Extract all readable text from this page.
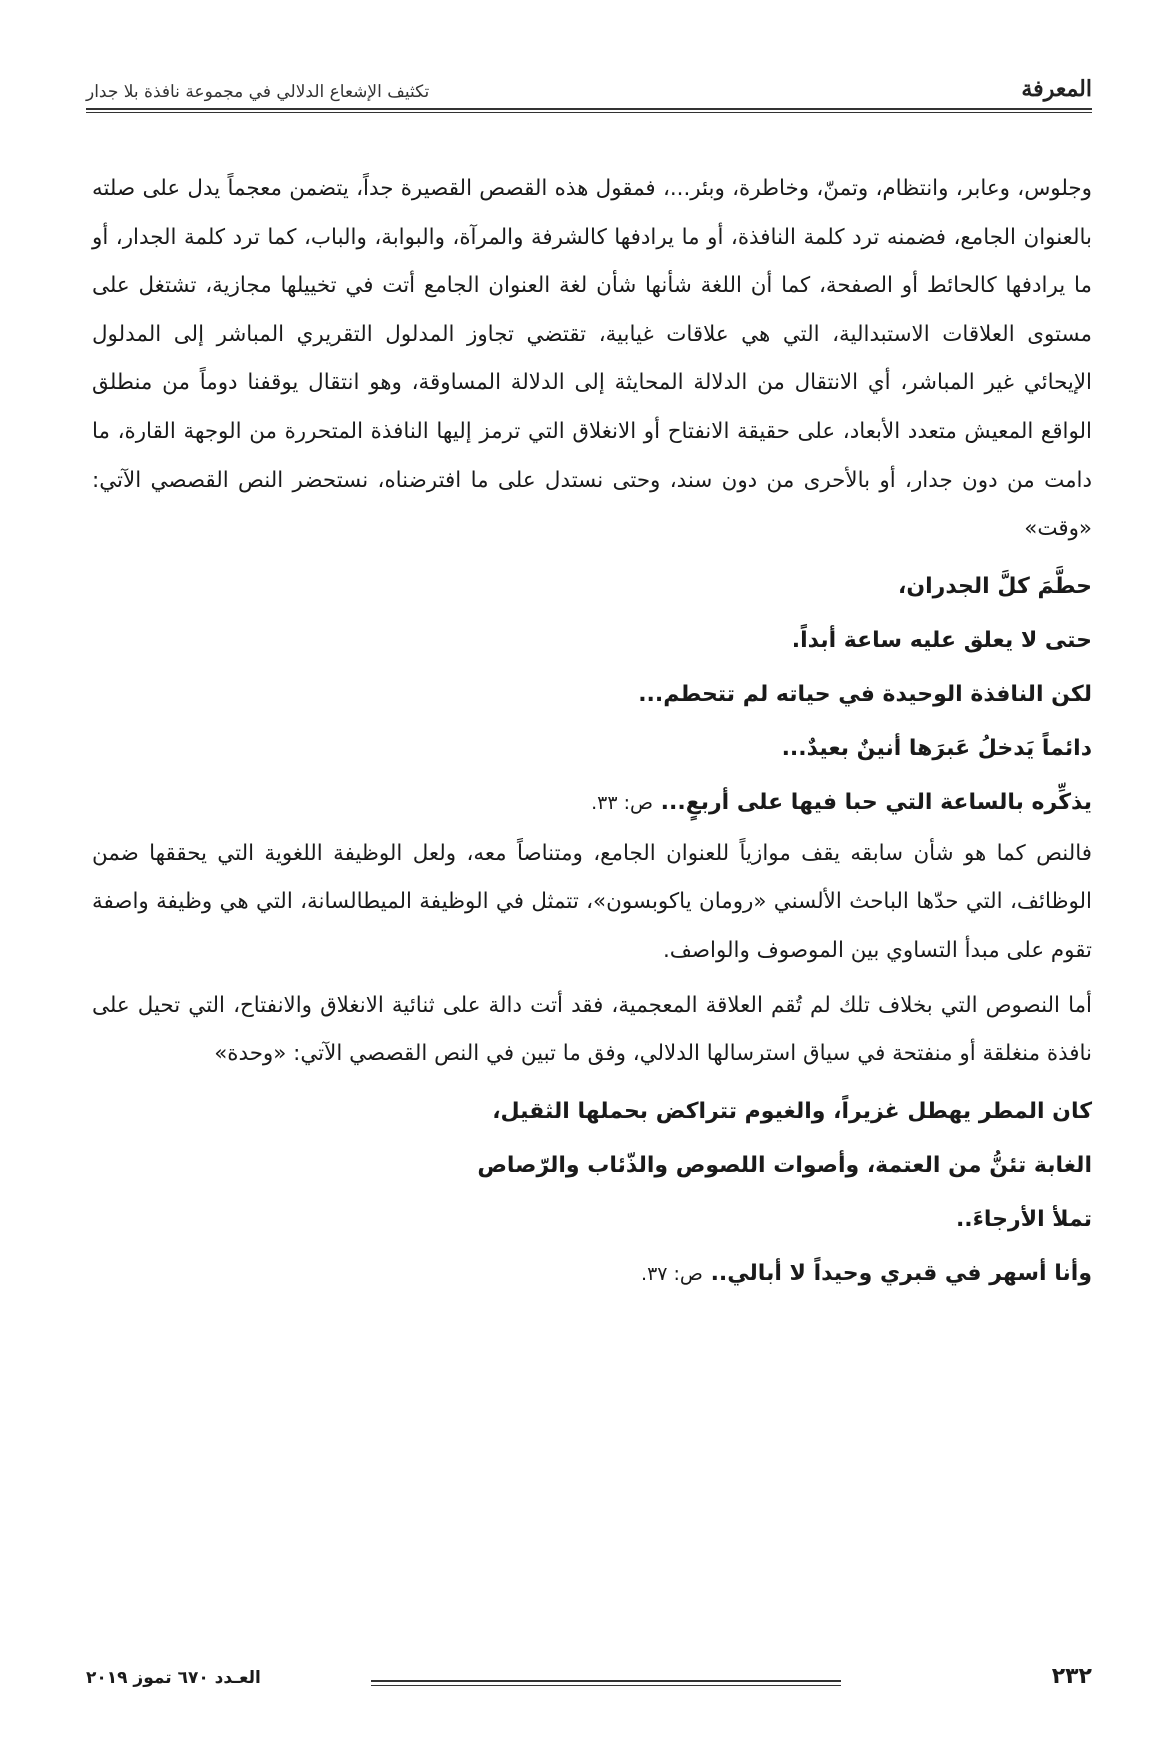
المعرفة
تكثيف الإشعاع الدلالي في مجموعة نافذة بلا جدار

وجلوس، وعابر، وانتظام، وتمنّ، وخاطرة، وبئر...، فمقول هذه القصص القصيرة جداً، يتضمن معجماً يدل على صلته بالعنوان الجامع، فضمنه ترد كلمة النافذة، أو ما يرادفها كالشرفة والمرآة، والبوابة، والباب، كما ترد كلمة الجدار، أو ما يرادفها كالحائط أو الصفحة، كما أن اللغة شأنها شأن لغة العنوان الجامع أتت في تخييلها مجازية، تشتغل على مستوى العلاقات الاستبدالية، التي هي علاقات غيابية، تقتضي تجاوز المدلول التقريري المباشر إلى المدلول الإيحائي غير المباشر، أي الانتقال من الدلالة المحايثة إلى الدلالة المساوقة، وهو انتقال يوقفنا دوماً من منطلق الواقع المعيش متعدد الأبعاد، على حقيقة الانفتاح أو الانغلاق التي ترمز إليها النافذة المتحررة من الوجهة القارة، ما دامت من دون جدار، أو بالأحرى من دون سند، وحتى نستدل على ما افترضناه، نستحضر النص القصصي الآتي: «وقت»

حطَّمَ كلَّ الجدران،

حتى لا يعلق عليه ساعة أبداً.

لكن النافذة الوحيدة في حياته لم تتحطم...

دائماً يَدخلُ عَبرَها أنينٌ بعيدٌ...

يذكِّره بالساعة التي حبا فيها على أربعٍ... ص: ٣٣.

فالنص كما هو شأن سابقه يقف موازياً للعنوان الجامع، ومتناصاً معه، ولعل الوظيفة اللغوية التي يحققها ضمن الوظائف، التي حدّها الباحث الألسني «رومان ياكوبسون»، تتمثل في الوظيفة الميطالسانة، التي هي وظيفة واصفة تقوم على مبدأ التساوي بين الموصوف والواصف.

أما النصوص التي بخلاف تلك لم تُقم العلاقة المعجمية، فقد أتت دالة على ثنائية الانغلاق والانفتاح، التي تحيل على نافذة منغلقة أو منفتحة في سياق استرسالها الدلالي، وفق ما تبين في النص القصصي الآتي: «وحدة»

كان المطر يهطل غزيراً، والغيوم تتراكض بحملها الثقيل،

الغابة تئنُّ من العتمة، وأصوات اللصوص والذّئاب والرّصاص

تملأ الأرجاءَ..

وأنا أسهر في قبري وحيداً لا أبالي.. ص: ٣٧.

٢٣٢
العـدد ٦٧٠ تموز ٢٠١٩
